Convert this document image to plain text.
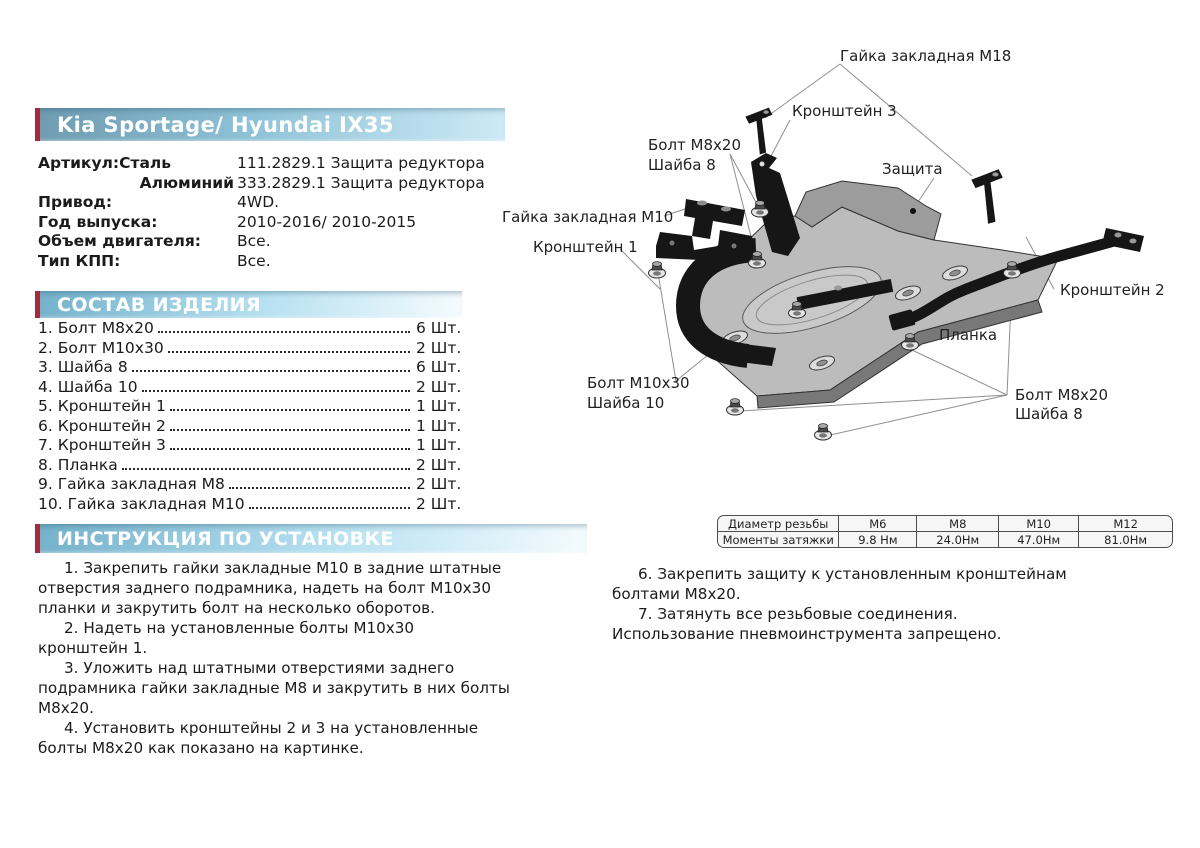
Kia Sportage/ Hyundai IX35
Артикул:Сталь	111.2829.1 Защита редуктора
Алюминий 333.2829.1 Защита редуктора
Привод:	4WD.
Год выпуска:	2010-2016/ 2010-2015
Объем двигателя:	Все.
Тип КПП:	Все.
СОСТАВ ИЗДЕЛИЯ
1. Болт М8х20	6 Шт.
2. Болт М10х30	2 Шт.
3. Шайба 8	6 Шт.
4. Шайба 10	2 Шт.
5. Кронштейн 1	1 Шт.
6. Кронштейн 2	1 Шт.
7. Кронштейн 3	1 Шт.
8. Планка	2 Шт.
9. Гайка закладная М8	2 Шт.
10. Гайка закладная М10	2 Шт.
ИНСТРУКЦИЯ ПО УСТАНОВКЕ

1. Закрепить гайки закладные М10 в задние штатные
отверстия заднего подрамника, надеть на болт М10х30
планки и закрутить болт на несколько оборотов.

2. Надеть на установленные болты М10х30
кронштейн 1.

3. Уложить над штатными отверстиями заднего
подрамника гайки закладные М8 и закрутить в них болты
М8х20.

4. Установить кронштейны 2 и 3 на установленные
болты М8х20 как показано на картинке.

6. Закрепить защиту к установленным кронштейнам
болтами М8х20.

7. Затянуть все резьбовые соединения.
Использование пневмоинструмента запрещено.

Диаметр резьбы	М6	М8	М10	М12
Моменты затяжки	9.8 Нм	24.0Нм	47.0Нм	81.0Нм
Гайка закладная М18
Кронштейн 3
Болт М8х20 Шайба 8	Защита
Гайка закладная М10
Кронштейн 1
Кронштейн 2
Планка
Болт М10х30 Шайба 10	Болт М8х20 Шайба 8
